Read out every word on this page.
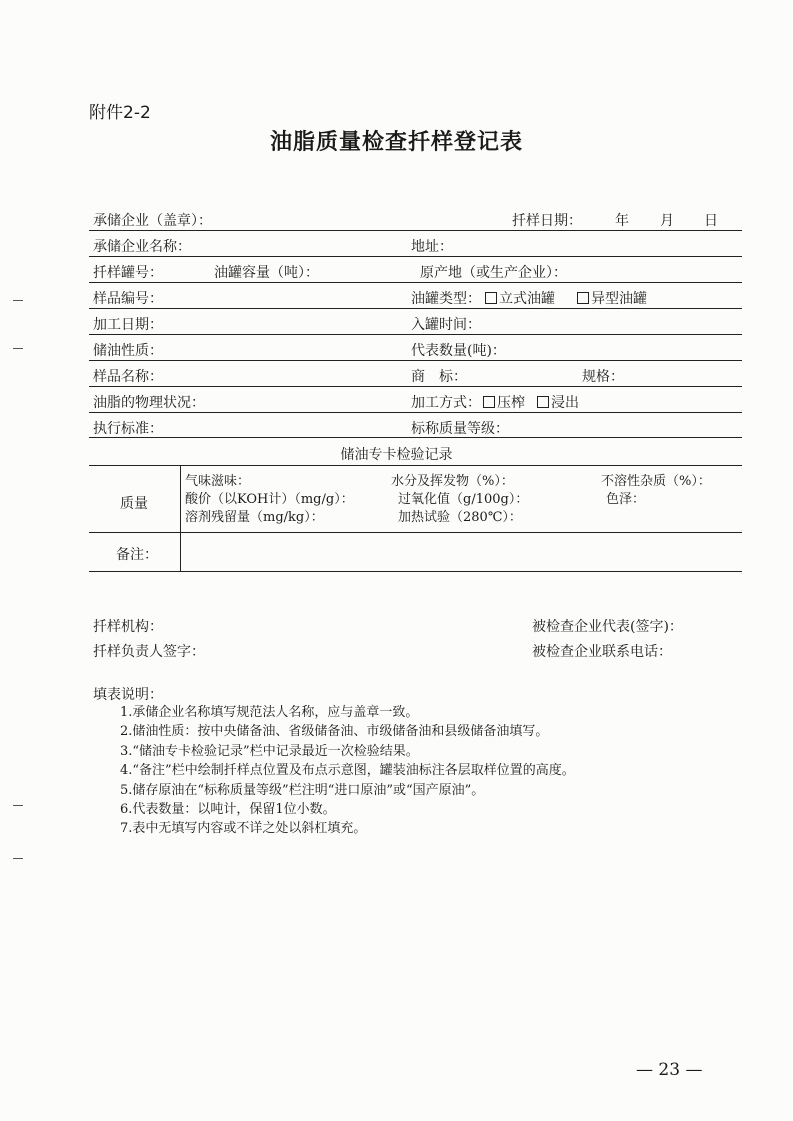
附件2-2
油脂质量检查扦样登记表
承储企业（盖章）：	扦样日期： 年 月 日
承储企业名称：	地址：
扦样罐号：	油罐容量（吨）：	原产地（或生产企业）：
样品编号：	油罐类型： 立式油罐	异型油罐
加工日期：	入罐时间：
储油性质：	代表数量(吨)：
样品名称：	商　标：	规格：
油脂的物理状况：	加工方式： 压榨 浸出
执行标准：	标称质量等级：
储油专卡检验记录
质量
气味滋味：	水分及挥发物（%）：	不溶性杂质（%）：
酸价（以KOH计）（mg/g）：	过氧化值（g/100g）：	色泽：
溶剂残留量（mg/kg）：	加热试验（280℃）：
备注：
扦样机构：	被检查企业代表(签字)：
扦样负责人签字：	被检查企业联系电话：
填表说明：
1.承储企业名称填写规范法人名称，应与盖章一致。
2.储油性质：按中央储备油、省级储备油、市级储备油和县级储备油填写。
3.“储油专卡检验记录”栏中记录最近一次检验结果。
4.“备注”栏中绘制扦样点位置及布点示意图，罐装油标注各层取样位置的高度。
5.储存原油在“标称质量等级”栏注明“进口原油”或“国产原油”。
6.代表数量：以吨计，保留1位小数。
7.表中无填写内容或不详之处以斜杠填充。
— 23 —
